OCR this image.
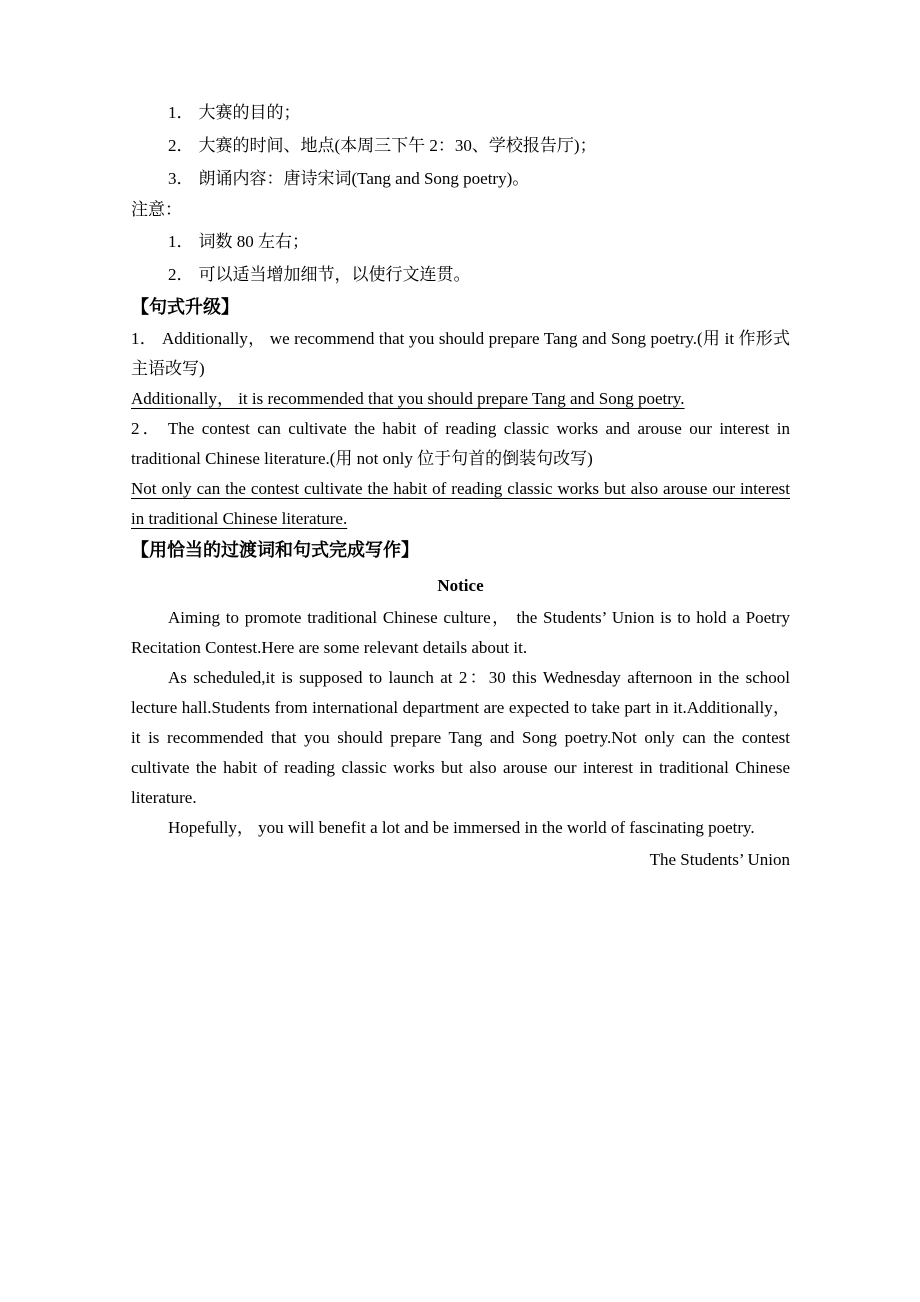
1． 大赛的目的；
2． 大赛的时间、地点(本周三下午 2：30、学校报告厅)；
3． 朗诵内容：唐诗宋词(Tang and Song poetry)。
注意：
1． 词数 80 左右；
2． 可以适当增加细节，以使行文连贯。
【句式升级】

1． Additionally， we recommend that you should prepare Tang and Song poetry.(用 it 作形式主语改写)

Additionally， it is recommended that you should prepare Tang and Song poetry.

2． The contest can cultivate the habit of reading classic works and arouse our interest in traditional Chinese literature.(用 not only 位于句首的倒装句改写)

Not only can the contest cultivate the habit of reading classic works but also arouse our interest in traditional Chinese literature.

【用恰当的过渡词和句式完成写作】
Notice

Aiming to promote traditional Chinese culture， the Students’ Union is to hold a Poetry Recitation Contest.Here are some relevant details about it.

As scheduled,it is supposed to launch at 2：30 this Wednesday afternoon in the school lecture hall.Students from international department are expected to take part in it.Additionally， it is recommended that you should prepare Tang and Song poetry.Not only can the contest cultivate the habit of reading classic works but also arouse our interest in traditional Chinese literature.

Hopefully， you will benefit a lot and be immersed in the world of fascinating poetry.

The Students’ Union
